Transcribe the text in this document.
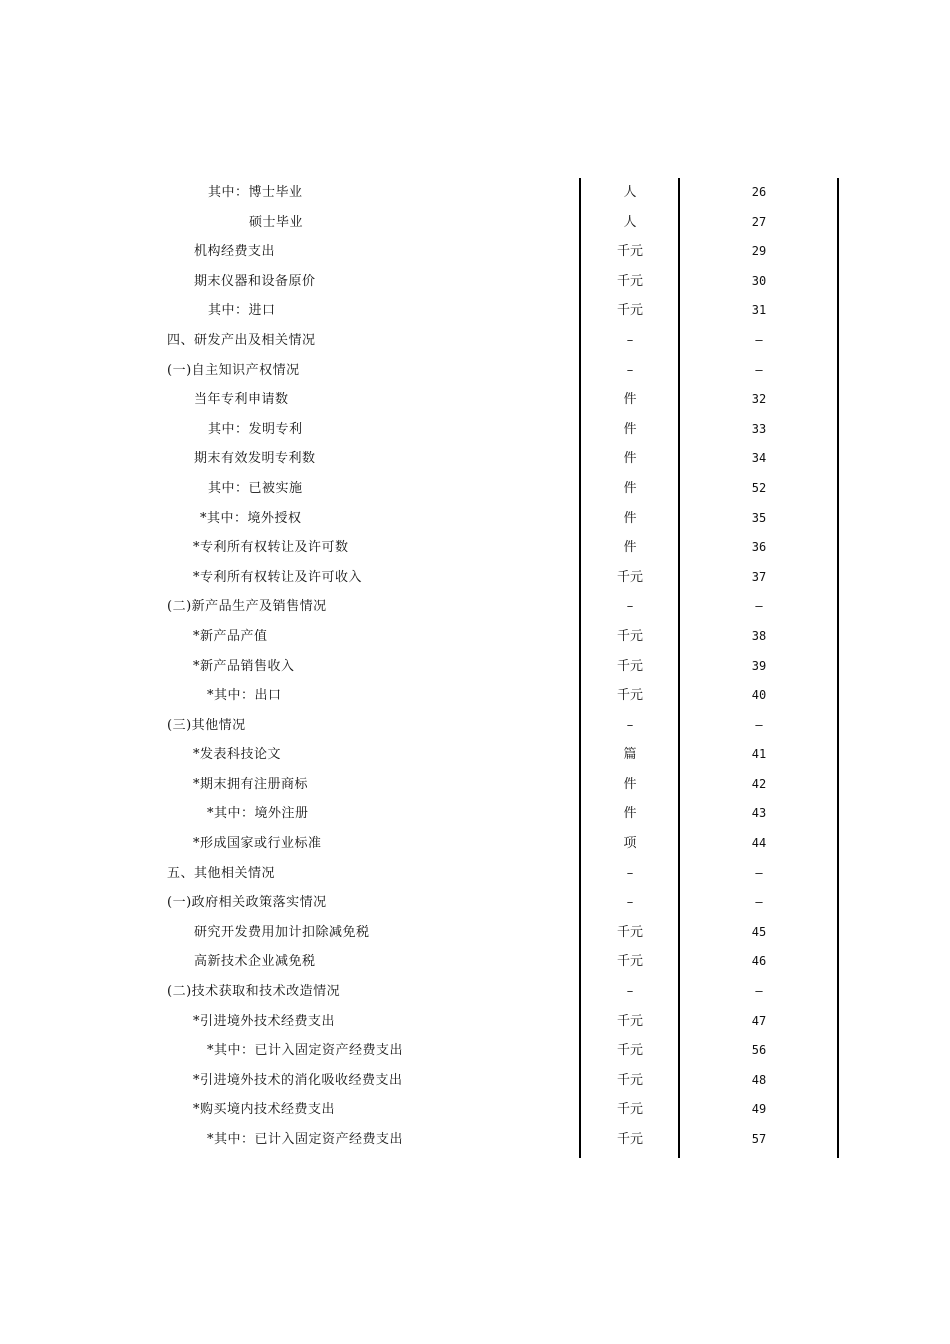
其中：博士毕业	人	26
硕士毕业	人	27
机构经费支出	千元	29
期末仪器和设备原价	千元	30
其中：进口	千元	31
四、研发产出及相关情况	–	–
(一)自主知识产权情况	–	–
当年专利申请数	件	32
其中：发明专利	件	33
期末有效发明专利数	件	34
其中：已被实施	件	52
*其中：境外授权	件	35
*专利所有权转让及许可数	件	36
*专利所有权转让及许可收入	千元	37
(二)新产品生产及销售情况	–	–
*新产品产值	千元	38
*新产品销售收入	千元	39
*其中：出口	千元	40
(三)其他情况	–	–
*发表科技论文	篇	41
*期末拥有注册商标	件	42
*其中：境外注册	件	43
*形成国家或行业标准	项	44
五、其他相关情况	–	–
(一)政府相关政策落实情况	–	–
研究开发费用加计扣除减免税	千元	45
高新技术企业减免税	千元	46
(二)技术获取和技术改造情况	–	–
*引进境外技术经费支出	千元	47
*其中：已计入固定资产经费支出	千元	56
*引进境外技术的消化吸收经费支出	千元	48
*购买境内技术经费支出	千元	49
*其中：已计入固定资产经费支出	千元	57
